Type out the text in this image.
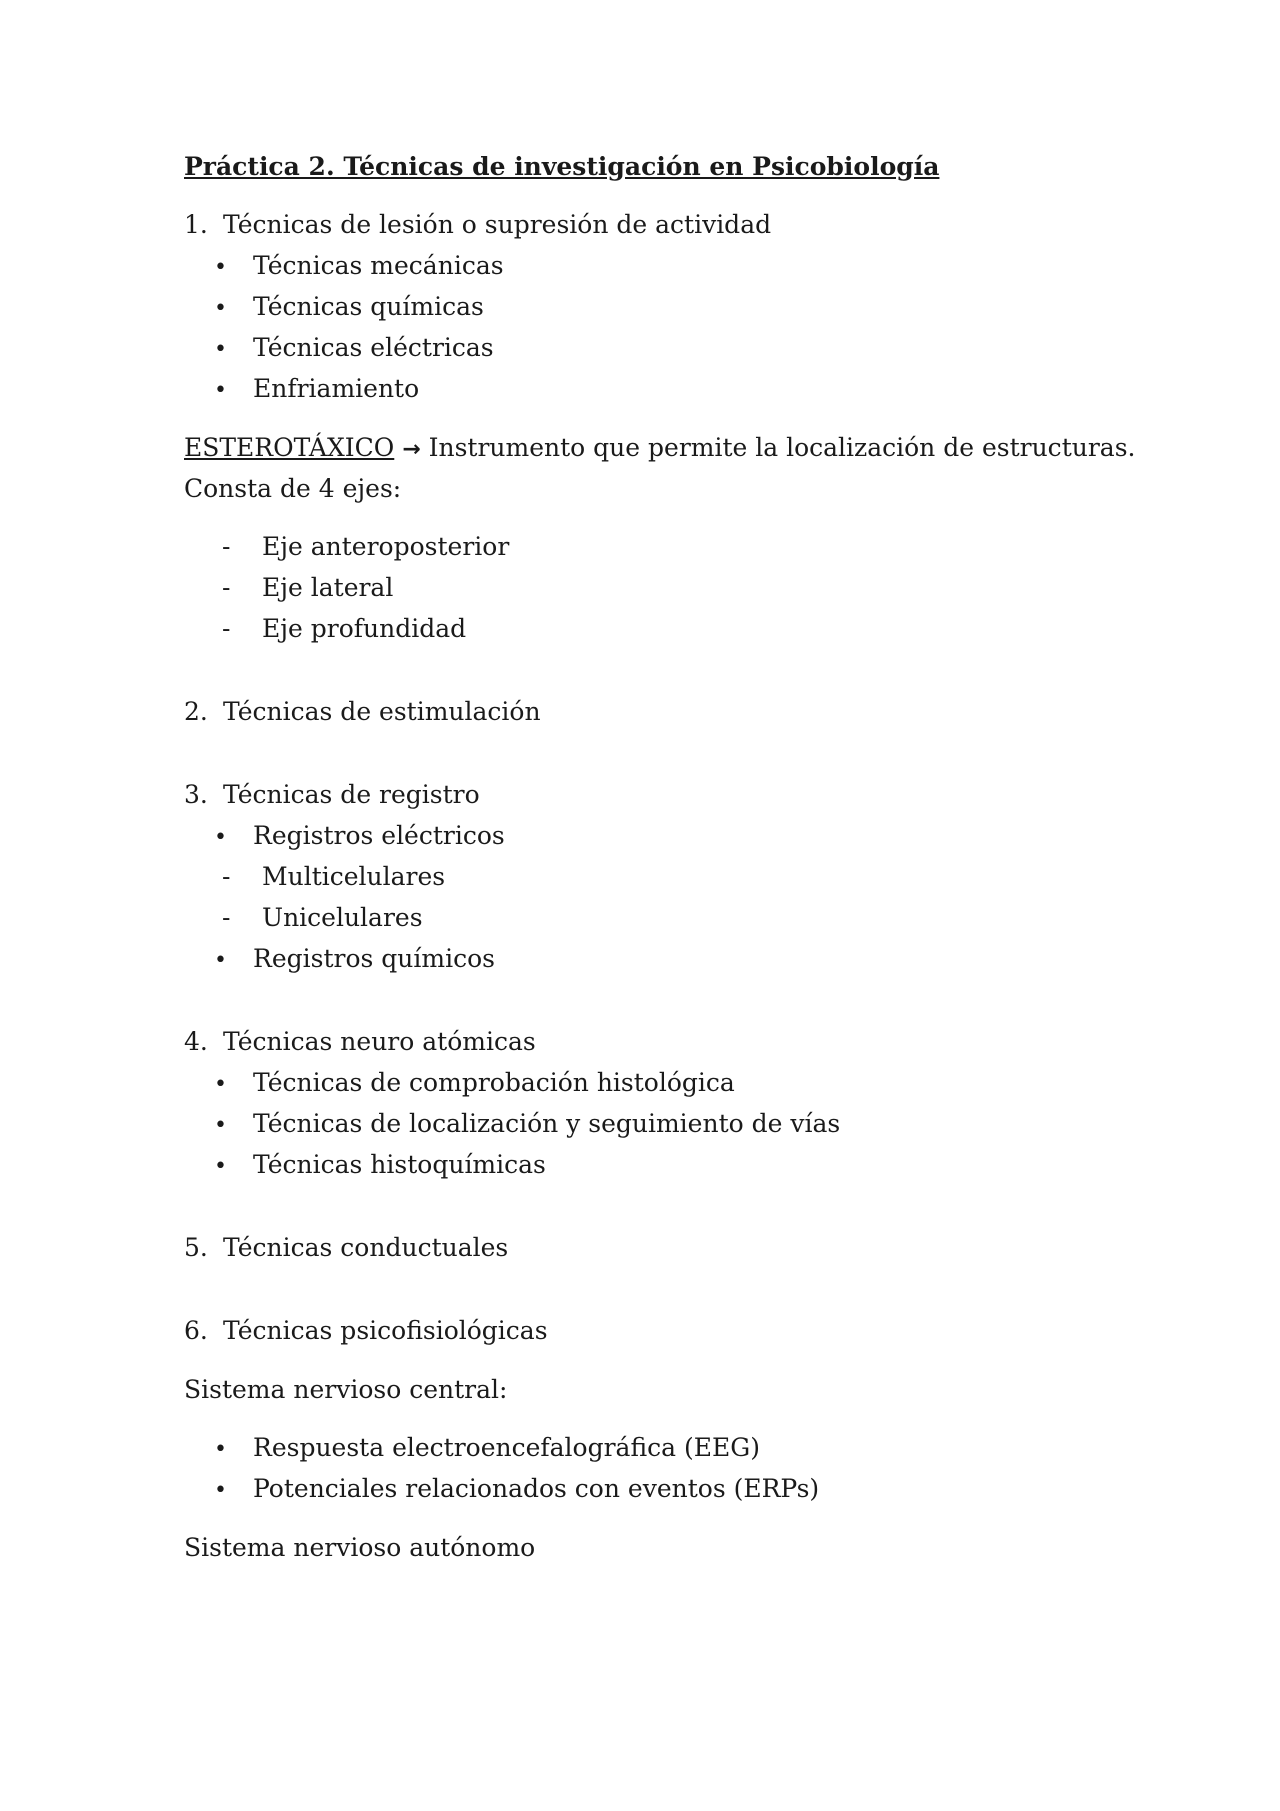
Práctica 2. Técnicas de investigación en Psicobiología
1. Técnicas de lesión o supresión de actividad
• Técnicas mecánicas
• Técnicas químicas
• Técnicas eléctricas
• Enfriamiento
ESTEROTÁXICO → Instrumento que permite la localización de estructuras.
Consta de 4 ejes:
- Eje anteroposterior
- Eje lateral
- Eje profundidad
2. Técnicas de estimulación
3. Técnicas de registro
• Registros eléctricos
- Multicelulares
- Unicelulares
• Registros químicos
4. Técnicas neuro atómicas
• Técnicas de comprobación histológica
• Técnicas de localización y seguimiento de vías
• Técnicas histoquímicas
5. Técnicas conductuales
6. Técnicas psicofisiológicas
Sistema nervioso central:
• Respuesta electroencefalográfica (EEG)
• Potenciales relacionados con eventos (ERPs)
Sistema nervioso autónomo
